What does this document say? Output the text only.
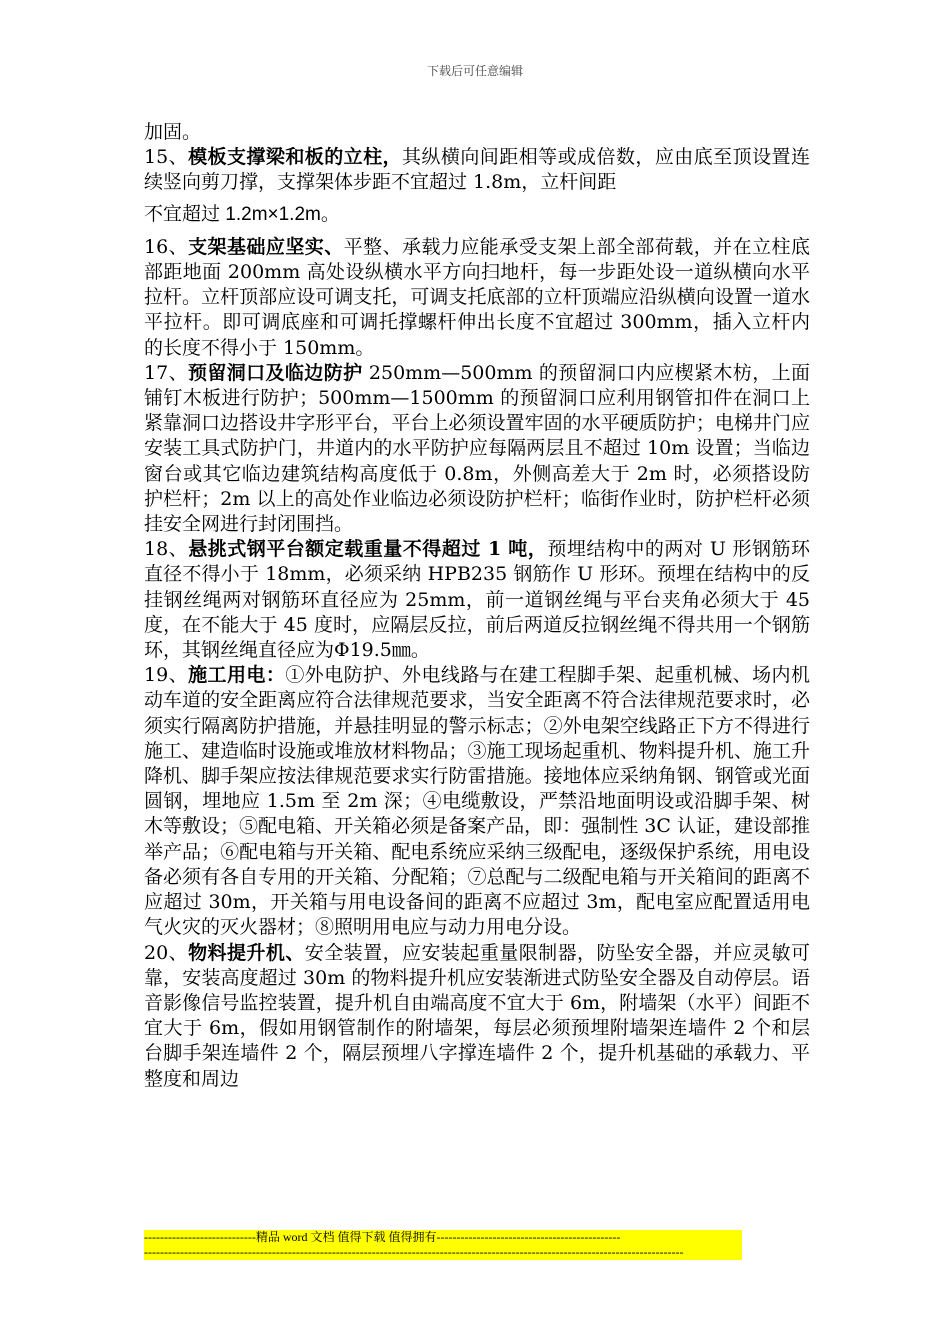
下载后可任意编辑

加固。

15、模板支撑梁和板的立柱，其纵横向间距相等或成倍数，应由底至顶设置连续竖向剪刀撑，支撑架体步距不宜超过 1.8m，立杆间距

不宜超过 1.2m×1.2m。

16、支架基础应坚实、平整、承载力应能承受支架上部全部荷载，并在立柱底部距地面 200mm 高处设纵横水平方向扫地杆，每一步距处设一道纵横向水平拉杆。立杆顶部应设可调支托，可调支托底部的立杆顶端应沿纵横向设置一道水平拉杆。即可调底座和可调托撑螺杆伸出长度不宜超过 300mm，插入立杆内的长度不得小于 150mm。

17、预留洞口及临边防护 250mm—500mm 的预留洞口内应楔紧木枋，上面铺钉木板进行防护；500mm—1500mm 的预留洞口应利用钢管扣件在洞口上紧靠洞口边搭设井字形平台，平台上必须设置牢固的水平硬质防护；电梯井门应安装工具式防护门，井道内的水平防护应每隔两层且不超过 10m 设置；当临边窗台或其它临边建筑结构高度低于 0.8m，外侧高差大于 2m 时，必须搭设防护栏杆；2m 以上的高处作业临边必须设防护栏杆；临街作业时，防护栏杆必须挂安全网进行封闭围挡。

18、悬挑式钢平台额定载重量不得超过 1 吨，预埋结构中的两对 U 形钢筋环直径不得小于 18mm，必须采纳 HPB235 钢筋作 U 形环。预埋在结构中的反挂钢丝绳两对钢筋环直径应为 25mm，前一道钢丝绳与平台夹角必须大于 45 度，在不能大于 45 度时，应隔层反拉，前后两道反拉钢丝绳不得共用一个钢筋环，其钢丝绳直径应为Φ19.5㎜。

19、施工用电：①外电防护、外电线路与在建工程脚手架、起重机械、场内机动车道的安全距离应符合法律规范要求，当安全距离不符合法律规范要求时，必须实行隔离防护措施，并悬挂明显的警示标志；②外电架空线路正下方不得进行施工、建造临时设施或堆放材料物品；③施工现场起重机、物料提升机、施工升降机、脚手架应按法律规范要求实行防雷措施。接地体应采纳角钢、钢管或光面圆钢，埋地应 1.5m 至 2m 深；④电缆敷设，严禁沿地面明设或沿脚手架、树木等敷设；⑤配电箱、开关箱必须是备案产品，即：强制性 3C 认证，建设部推举产品；⑥配电箱与开关箱、配电系统应采纳三级配电，逐级保护系统，用电设备必须有各自专用的开关箱、分配箱；⑦总配与二级配电箱与开关箱间的距离不应超过 30m，开关箱与用电设备间的距离不应超过 3m，配电室应配置适用电气火灾的灭火器材；⑧照明用电应与动力用电分设。

20、物料提升机、安全装置，应安装起重量限制器，防坠安全器，并应灵敏可靠，安装高度超过 30m 的物料提升机应安装渐进式防坠安全器及自动停层。语音影像信号监控装置，提升机自由端高度不宜大于 6m，附墙架（水平）间距不宜大于 6m，假如用钢管制作的附墙架，每层必须预埋附墙架连墙件 2 个和层台脚手架连墙件 2 个，隔层预埋八字撑连墙件 2 个，提升机基础的承载力、平整度和周边

----------------------------精品 word 文档 值得下载 值得拥有----------------------------------------------
---------------------------------------------------------------------------------------------------------------------------------------
